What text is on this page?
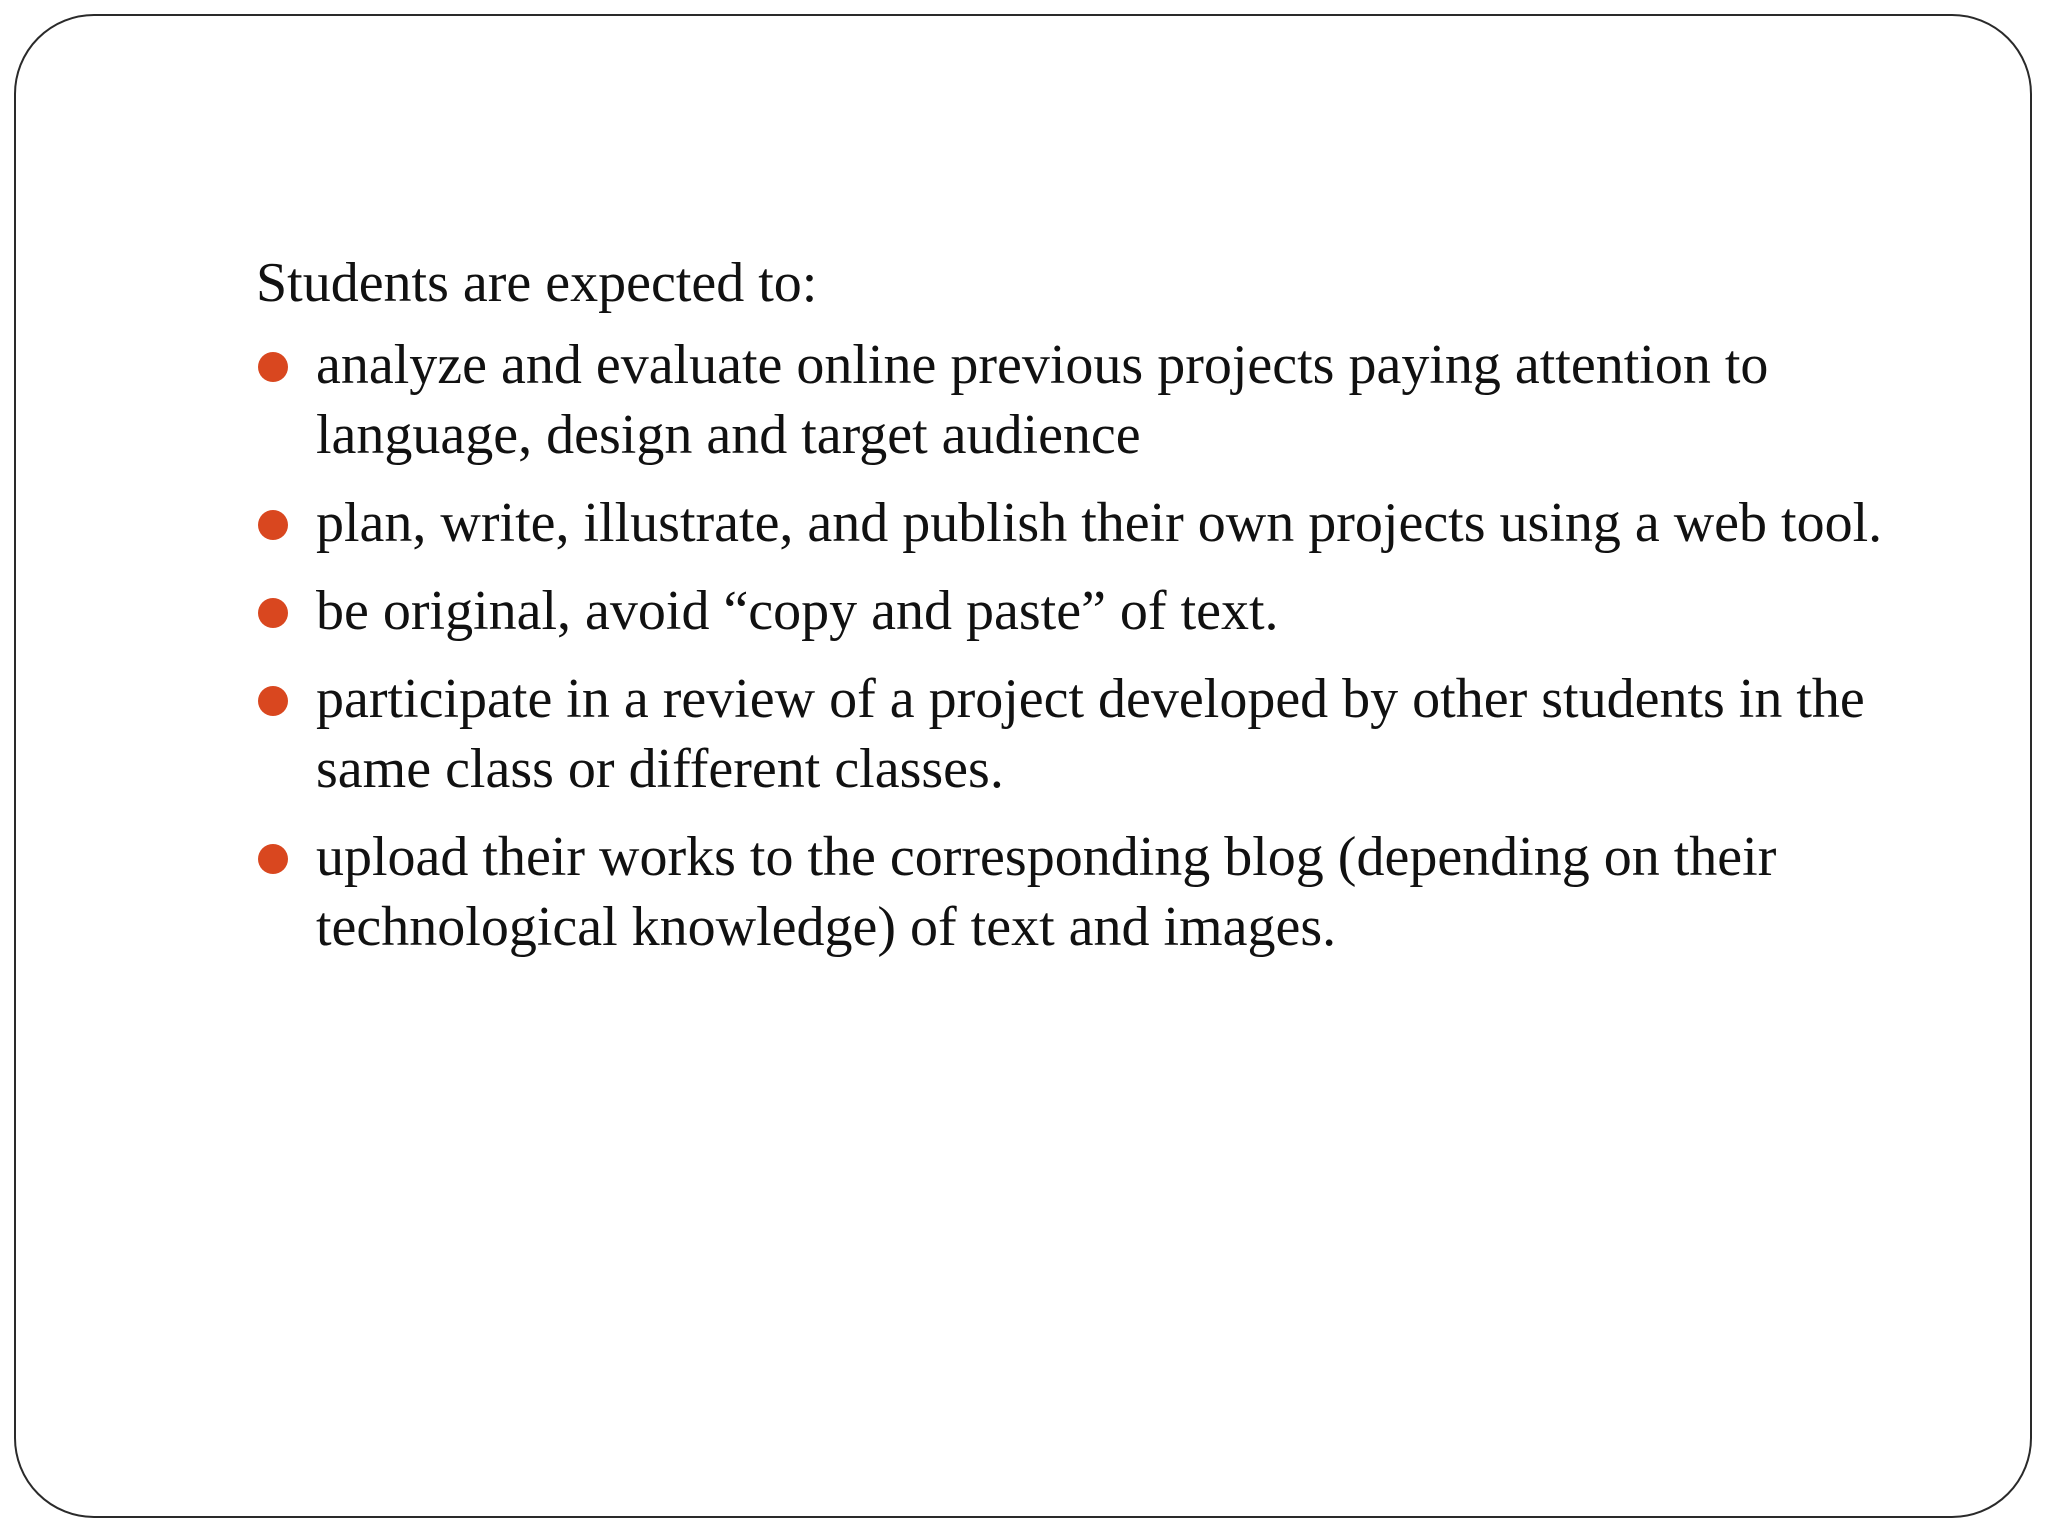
Students are expected to:

analyze and evaluate online previous projects paying attention to language, design and target audience
plan, write, illustrate, and publish their own projects using a web tool.
be original, avoid “copy and paste” of text.
participate in a review of a project developed by other students in the same class or different classes.
upload their works to the corresponding blog (depending on their technological knowledge) of text and images.
